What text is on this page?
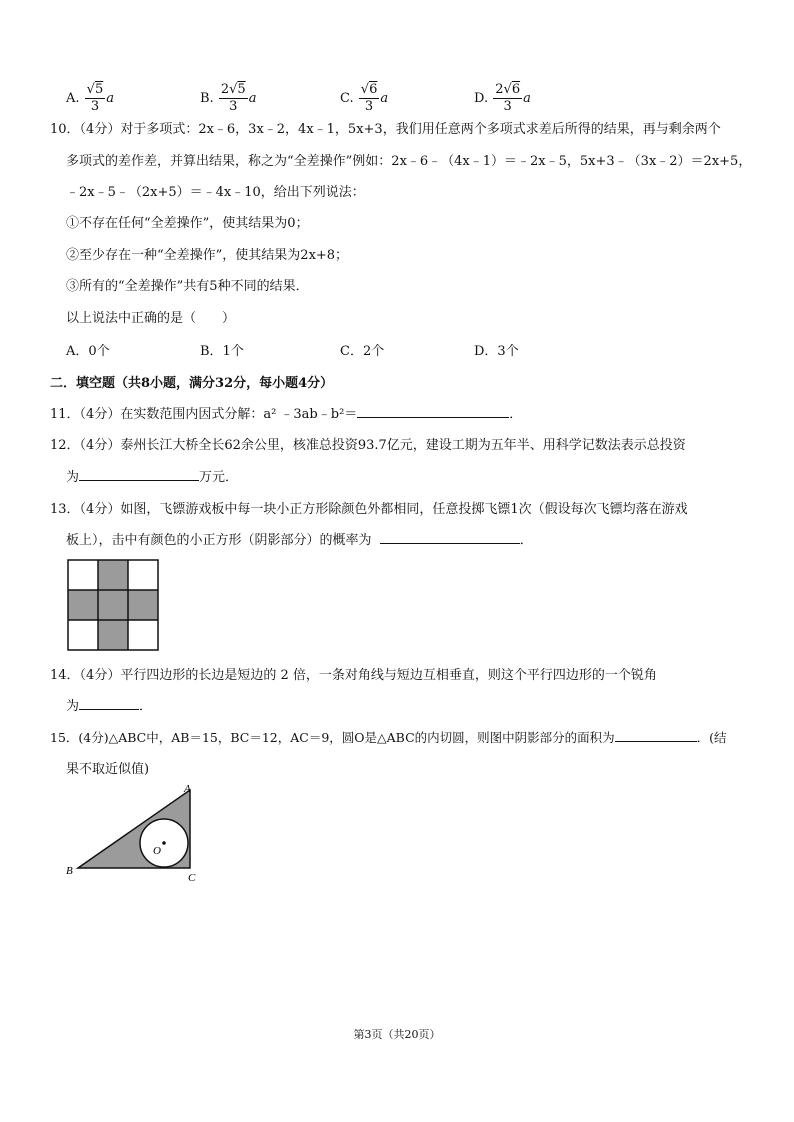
A. $\frac{√5}{3}$ a	B. $\frac{2√5}{3}$ a	C. $\frac{√6}{3}$ a	D. $\frac{2√6}{3}$ a
10．（4分）对于多项式：2x﹣6，3x﹣2，4x﹣1，5x+3，我们用任意两个多项式求差后所得的结果，再与剩余两个
多项式的差作差，并算出结果，称之为“全差操作”例如：2x﹣6﹣（4x﹣1）＝﹣2x﹣5，5x+3﹣（3x﹣2）＝2x+5，
﹣2x﹣5﹣（2x+5）＝﹣4x﹣10，给出下列说法：
①不存在任何“全差操作”，使其结果为0；
②至少存在一种“全差操作”，使其结果为2x+8；
③所有的“全差操作”共有5种不同的结果．
以上说法中正确的是（　　）
A．0个	B．1个	C．2个	D．3个
二．填空题（共8小题，满分32分，每小题4分）
11．（4分）在实数范围内因式分解：a² ﹣3ab﹣b²＝	．
12．（4分）泰州长江大桥全长62余公里，核准总投资93.7亿元，建设工期为五年半、用科学记数法表示总投资
为	万元．
13．（4分）如图，飞镖游戏板中每一块小正方形除颜色外都相同，任意投掷飞镖1次（假设每次飞镖均落在游戏
板上），击中有颜色的小正方形（阴影部分）的概率为	．
14．（4分）平行四边形的长边是短边的 2 倍，一条对角线与短边互相垂直，则这个平行四边形的一个锐角
为	．
15．(4分)△ABC中，AB＝15，BC＝12，AC＝9，圆O是△ABC的内切圆，则图中阴影部分的面积为	．(结
果不取近似值)
A
B
C
O
第3页（共20页）
